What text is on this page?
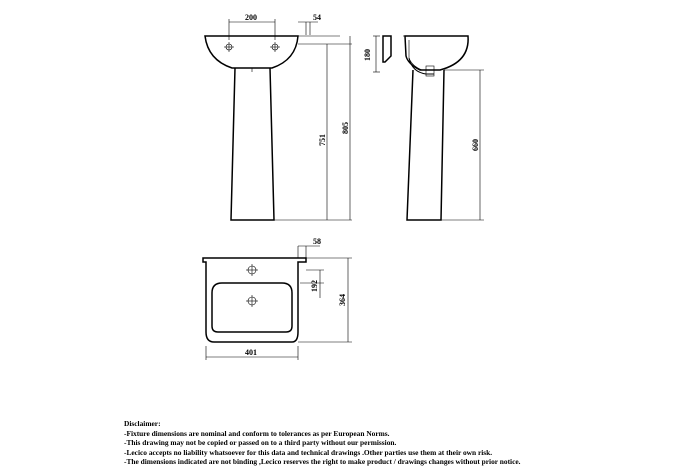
200	54
751
805
180
660
58
192
364
401
Disclaimer:
-Fixture dimensions are nominal and conform to tolerances as per European Norms.
-This drawing may not be copied or passed on to a third party without our permission.
-Lecico accepts no liability whatsoever for this data and technical drawings .Other parties use them at their own risk.
-The dimensions indicated are not binding ,Lecico reserves the right to make product / drawings changes without prior notice.
